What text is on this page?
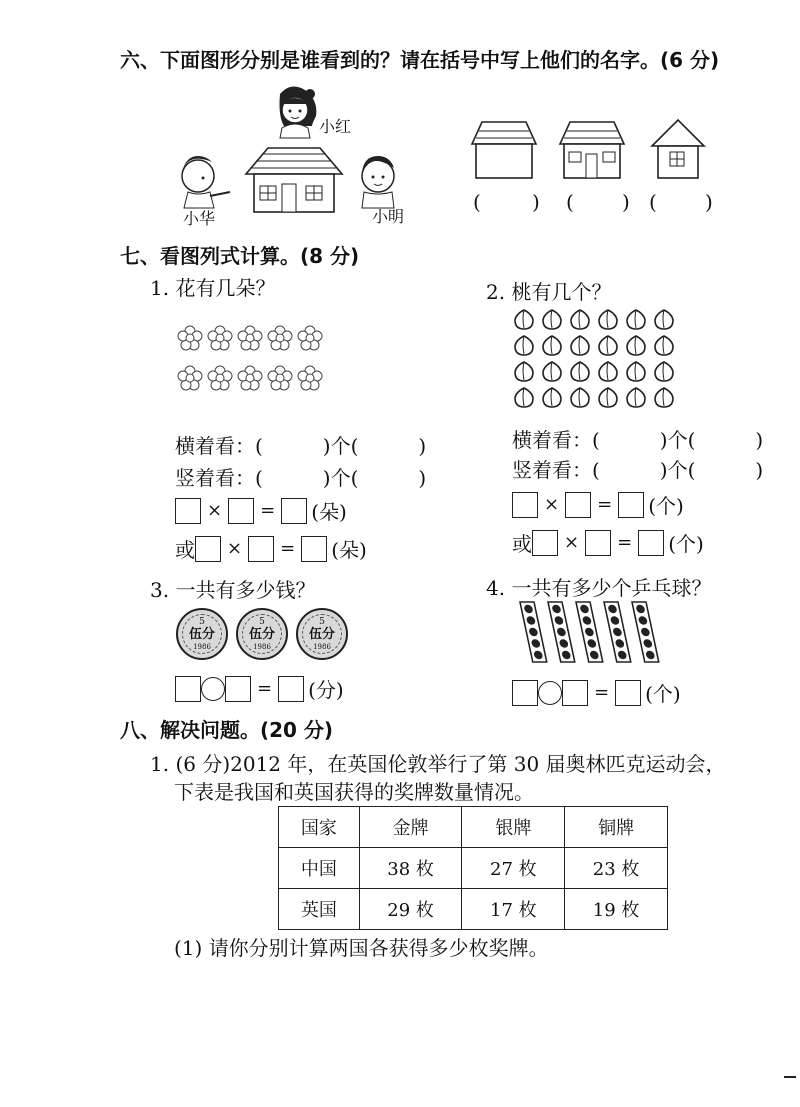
六、下面图形分别是谁看到的？请在括号中写上他们的名字。(6 分)
小红
小华	小明
(	) ( ) ( )
七、看图列式计算。(8 分)
1. 花有几朵？
横着看：(　　　)个(　　　)
竖着看：(　　　)个(　　　)
× = (朵)
或 × = (朵)
2. 桃有几个？
横着看：(　　　)个(　　　)
竖着看：(　　　)个(　　　)
× = (个)
或 × = (个)
3. 一共有多少钱？
5
伍分
1986
5
伍分
1986
5
伍分
1986
= (分)
4. 一共有多少个乒乓球？
= (个)
八、解决问题。(20 分)
1. (6 分)2012 年，在英国伦敦举行了第 30 届奥林匹克运动会，
下表是我国和英国获得的奖牌数量情况。
国家	金牌	银牌	铜牌
中国	38 枚	27 枚	23 枚
英国	29 枚	17 枚	19 枚
(1) 请你分别计算两国各获得多少枚奖牌。
